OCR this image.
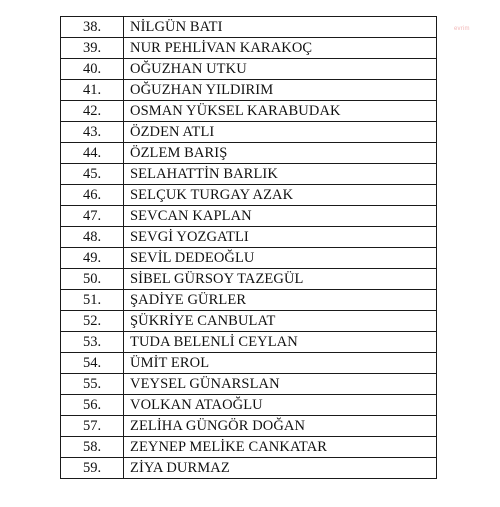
evrim
38.	NİLGÜN BATI
39.	NUR PEHLİVAN KARAKOÇ
40.	OĞUZHAN UTKU
41.	OĞUZHAN YILDIRIM
42.	OSMAN YÜKSEL KARABUDAK
43.	ÖZDEN ATLI
44.	ÖZLEM BARIŞ
45.	SELAHATTİN BARLIK
46.	SELÇUK TURGAY AZAK
47.	SEVCAN KAPLAN
48.	SEVGİ YOZGATLI
49.	SEVİL DEDEOĞLU
50.	SİBEL GÜRSOY TAZEGÜL
51.	ŞADİYE GÜRLER
52.	ŞÜKRİYE CANBULAT
53.	TUDA BELENLİ CEYLAN
54.	ÜMİT EROL
55.	VEYSEL GÜNARSLAN
56.	VOLKAN ATAOĞLU
57.	ZELİHA GÜNGÖR DOĞAN
58.	ZEYNEP MELİKE CANKATAR
59.	ZİYA DURMAZ
